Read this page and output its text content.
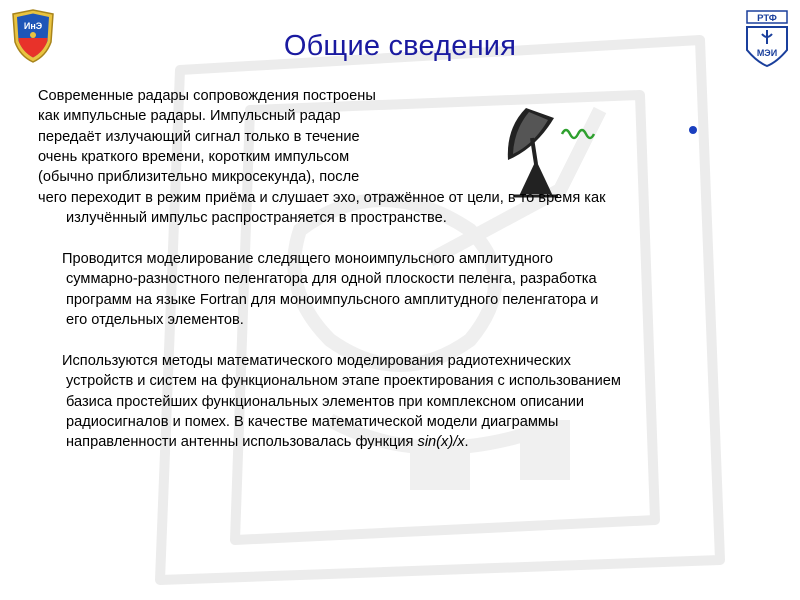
ИнЭ
РТФ
МЭИ
Общие сведения
Современные радары сопровождения построены
как импульсные радары. Импульсный радар
передаёт излучающий сигнал только в течение
очень краткого времени, коротким импульсом
(обычно приблизительно микросекунда), после
чего переходит в режим приёма и слушает эхо, отражённое от цели, в то время как
излучённый импульс распространяется в пространстве.
Проводится моделирование следящего моноимпульсного амплитудного
суммарно-разностного пеленгатора для одной плоскости пеленга, разработка
программ на языке Fortran для моноимпульсного амплитудного пеленгатора и
его отдельных элементов.
Используются методы математического моделирования радиотехнических
устройств и систем на функциональном этапе проектирования с использованием
базиса простейших функциональных элементов при комплексном описании
радиосигналов и помех. В качестве математической модели диаграммы
направленности антенны использовалась функция sin(x)/x.
